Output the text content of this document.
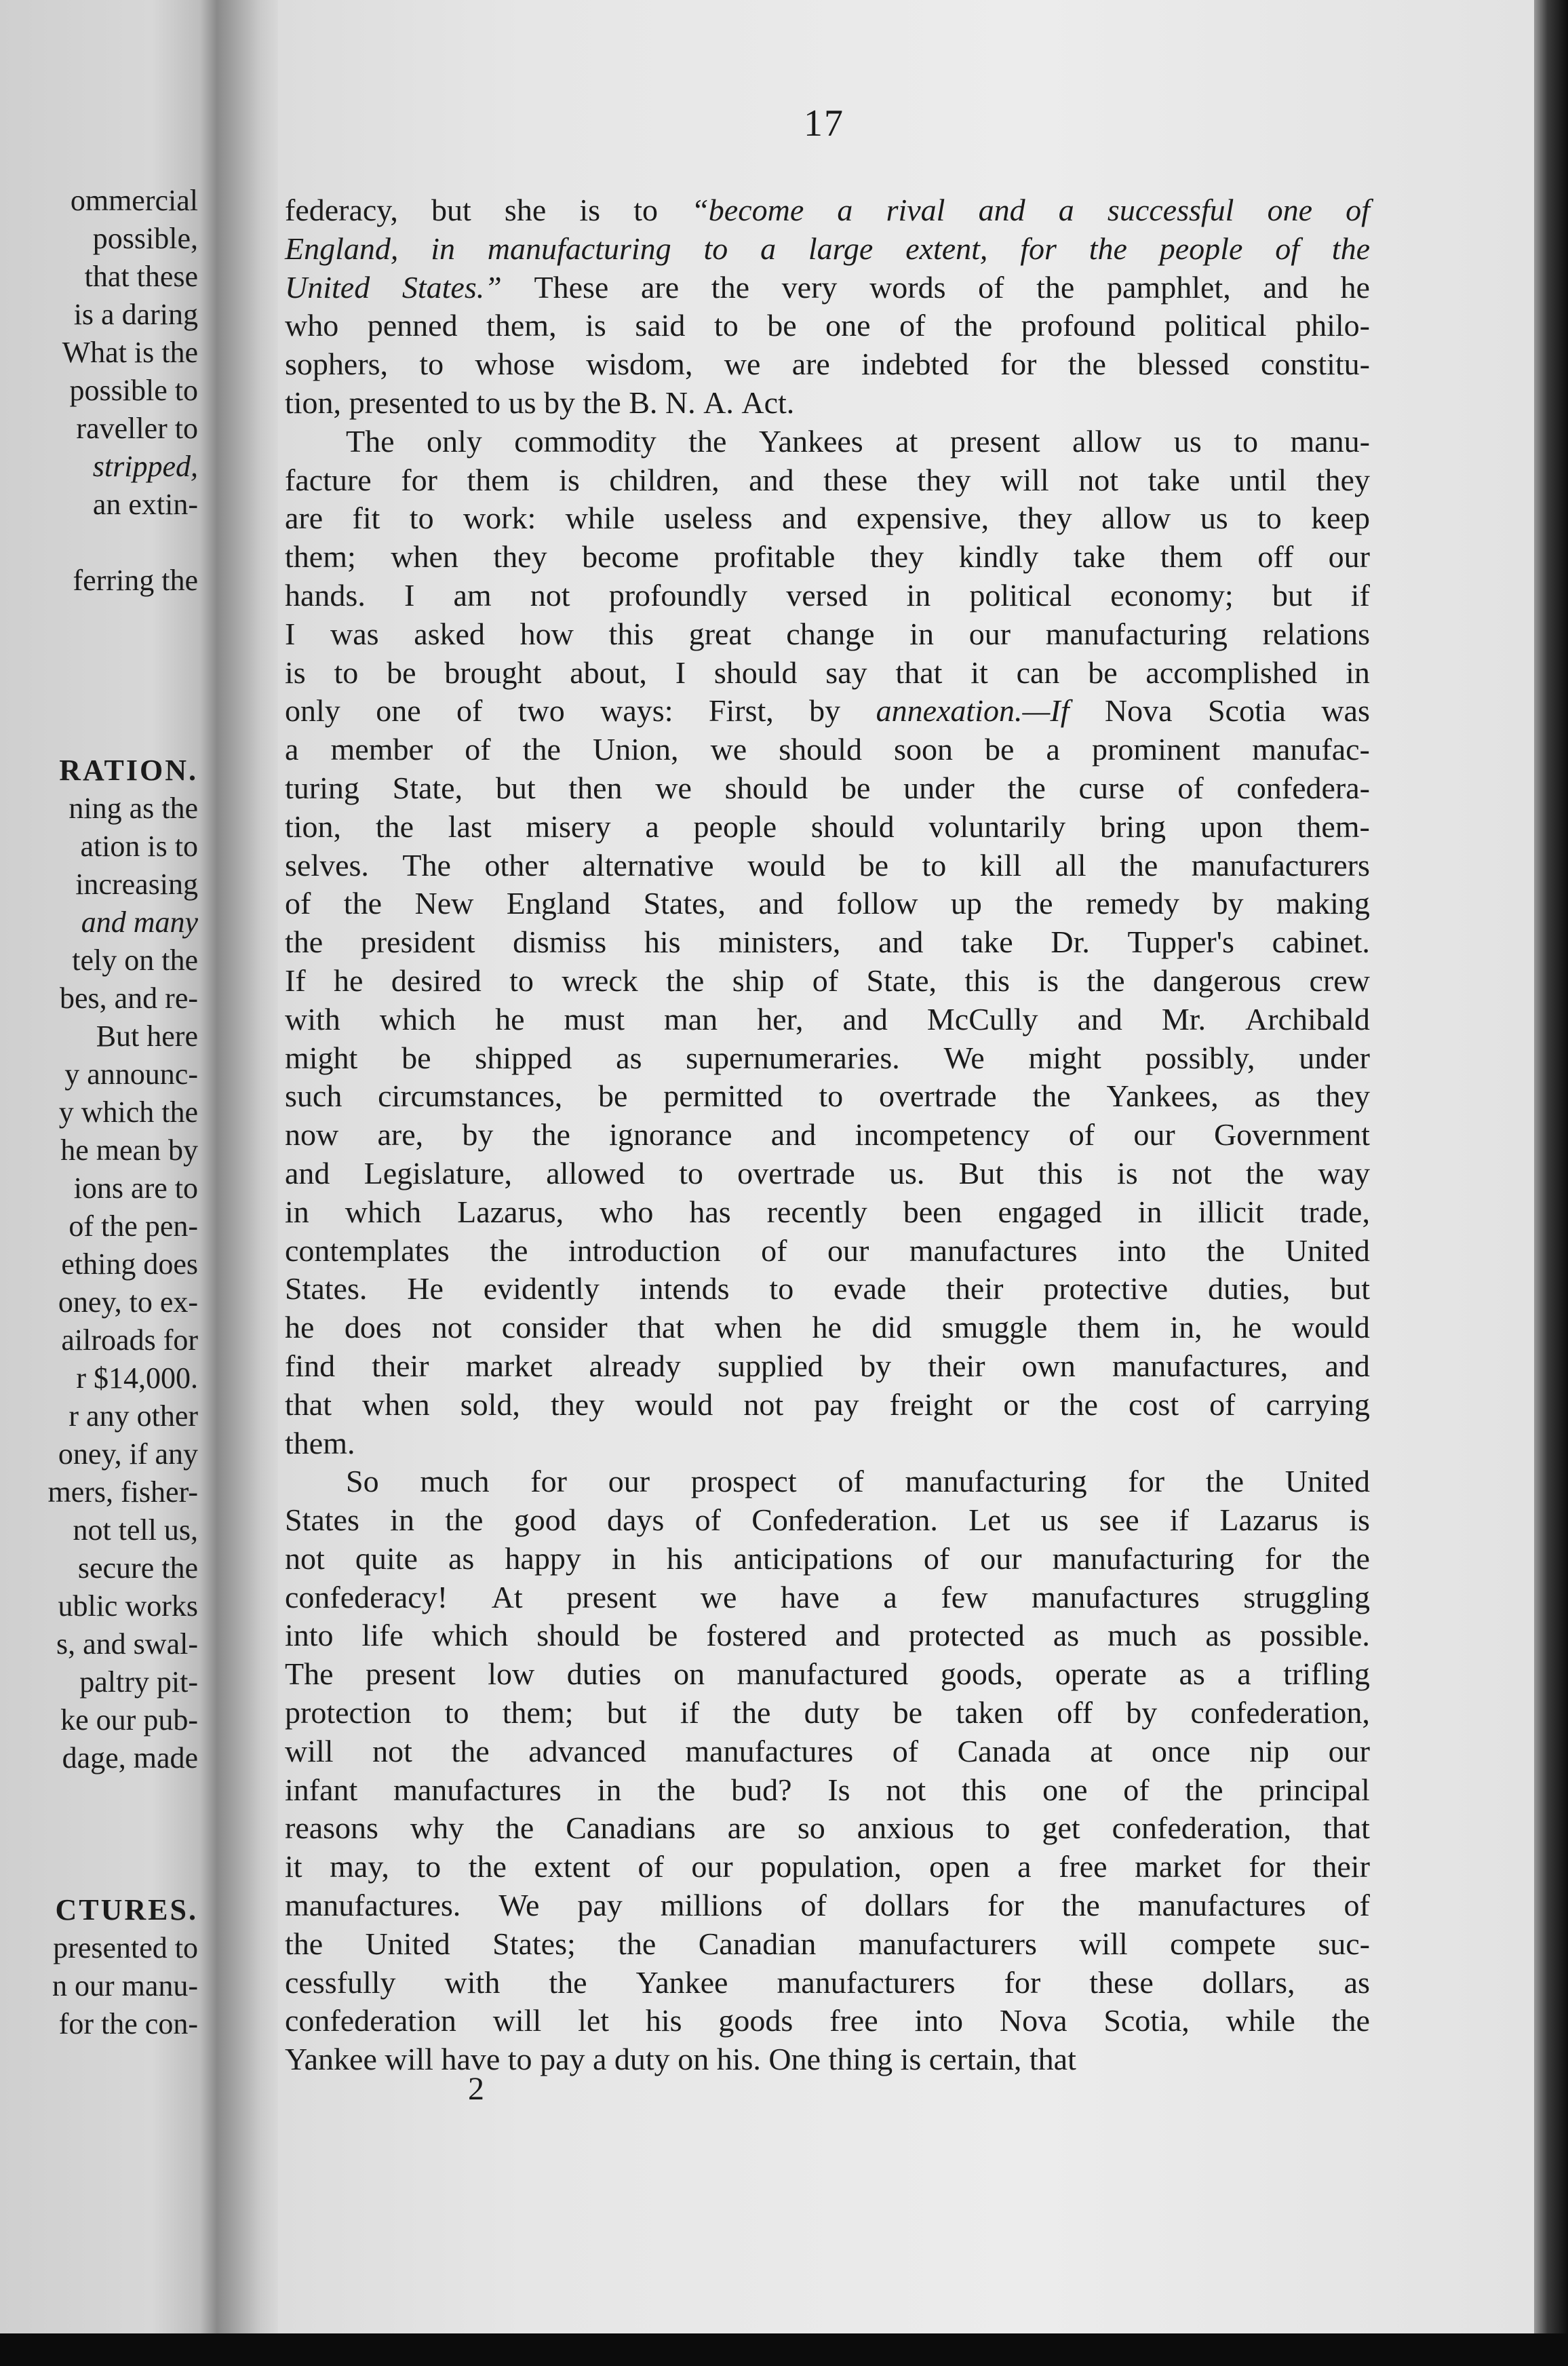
ommercial
possible,
that these
is a daring
What is the
possible to
raveller to
stripped,
an extin-
ferring the
RATION.
ning as the
ation is to
increasing
and many
tely on the
bes, and re-
But here
y announc-
y which the
he mean by
ions are to
of the pen-
ething does
oney, to ex-
ailroads for
r $14,000.
r any other
oney, if any
mers, fisher-
not tell us,
secure the
ublic works
s, and swal-
paltry pit-
ke our pub-
dage, made
CTURES.
presented to
n our manu-
for the con-
17
federacy, but she is to “become a rival and a successful one of
England, in manufacturing to a large extent, for the people of the
United States.” These are the very words of the pamphlet, and he
who penned them, is said to be one of the profound political philo-
sophers, to whose wisdom, we are indebted for the blessed constitu-
tion, presented to us by the B. N. A. Act.
The only commodity the Yankees at present allow us to manu-
facture for them is children, and these they will not take until they
are fit to work: while useless and expensive, they allow us to keep
them; when they become profitable they kindly take them off our
hands. I am not profoundly versed in political economy; but if
I was asked how this great change in our manufacturing relations
is to be brought about, I should say that it can be accomplished in
only one of two ways: First, by annexation.—If Nova Scotia was
a member of the Union, we should soon be a prominent manufac-
turing State, but then we should be under the curse of confedera-
tion, the last misery a people should voluntarily bring upon them-
selves. The other alternative would be to kill all the manufacturers
of the New England States, and follow up the remedy by making
the president dismiss his ministers, and take Dr. Tupper's cabinet.
If he desired to wreck the ship of State, this is the dangerous crew
with which he must man her, and McCully and Mr. Archibald
might be shipped as supernumeraries. We might possibly, under
such circumstances, be permitted to overtrade the Yankees, as they
now are, by the ignorance and incompetency of our Government
and Legislature, allowed to overtrade us. But this is not the way
in which Lazarus, who has recently been engaged in illicit trade,
contemplates the introduction of our manufactures into the United
States. He evidently intends to evade their protective duties, but
he does not consider that when he did smuggle them in, he would
find their market already supplied by their own manufactures, and
that when sold, they would not pay freight or the cost of carrying
them.
So much for our prospect of manufacturing for the United
States in the good days of Confederation. Let us see if Lazarus is
not quite as happy in his anticipations of our manufacturing for the
confederacy! At present we have a few manufactures struggling
into life which should be fostered and protected as much as possible.
The present low duties on manufactured goods, operate as a trifling
protection to them; but if the duty be taken off by confederation,
will not the advanced manufactures of Canada at once nip our
infant manufactures in the bud? Is not this one of the principal
reasons why the Canadians are so anxious to get confederation, that
it may, to the extent of our population, open a free market for their
manufactures. We pay millions of dollars for the manufactures of
the United States; the Canadian manufacturers will compete suc-
cessfully with the Yankee manufacturers for these dollars, as
confederation will let his goods free into Nova Scotia, while the
Yankee will have to pay a duty on his. One thing is certain, that
2
